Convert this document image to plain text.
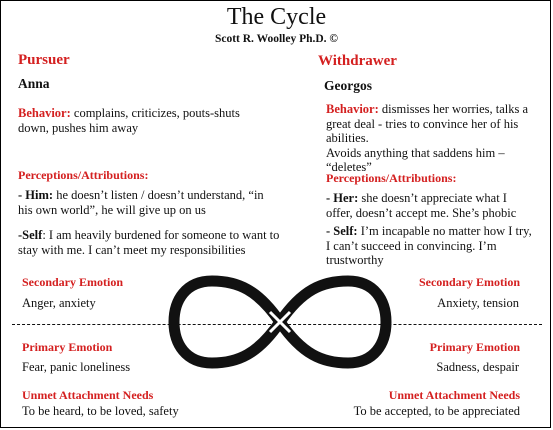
The Cycle
Scott R. Woolley Ph.D. ©
Pursuer
Anna
Behavior: complains, criticizes, pouts-shuts down, pushes him away
Perceptions/Attributions:
- Him: he doesn’t listen / doesn’t understand, “in his own world”, he will give up on us
-Self: I am heavily burdened for someone to want to stay with me. I can’t meet my responsibilities
Withdrawer
Georgos
Behavior: dismisses her worries, talks a great deal - tries to convince her of his abilities.
Avoids anything that saddens him – “deletes”
Perceptions/Attributions:
- Her: she doesn’t appreciate what I offer, doesn’t accept me. She’s phobic
- Self: I’m incapable no matter how I try, I can’t succeed in convincing. I’m trustworthy
Secondary Emotion
Anger, anxiety
Primary Emotion
Fear, panic loneliness
Unmet Attachment Needs
To be heard, to be loved, safety
Secondary Emotion
Anxiety, tension
Primary Emotion
Sadness, despair
Unmet Attachment Needs
To be accepted, to be appreciated
